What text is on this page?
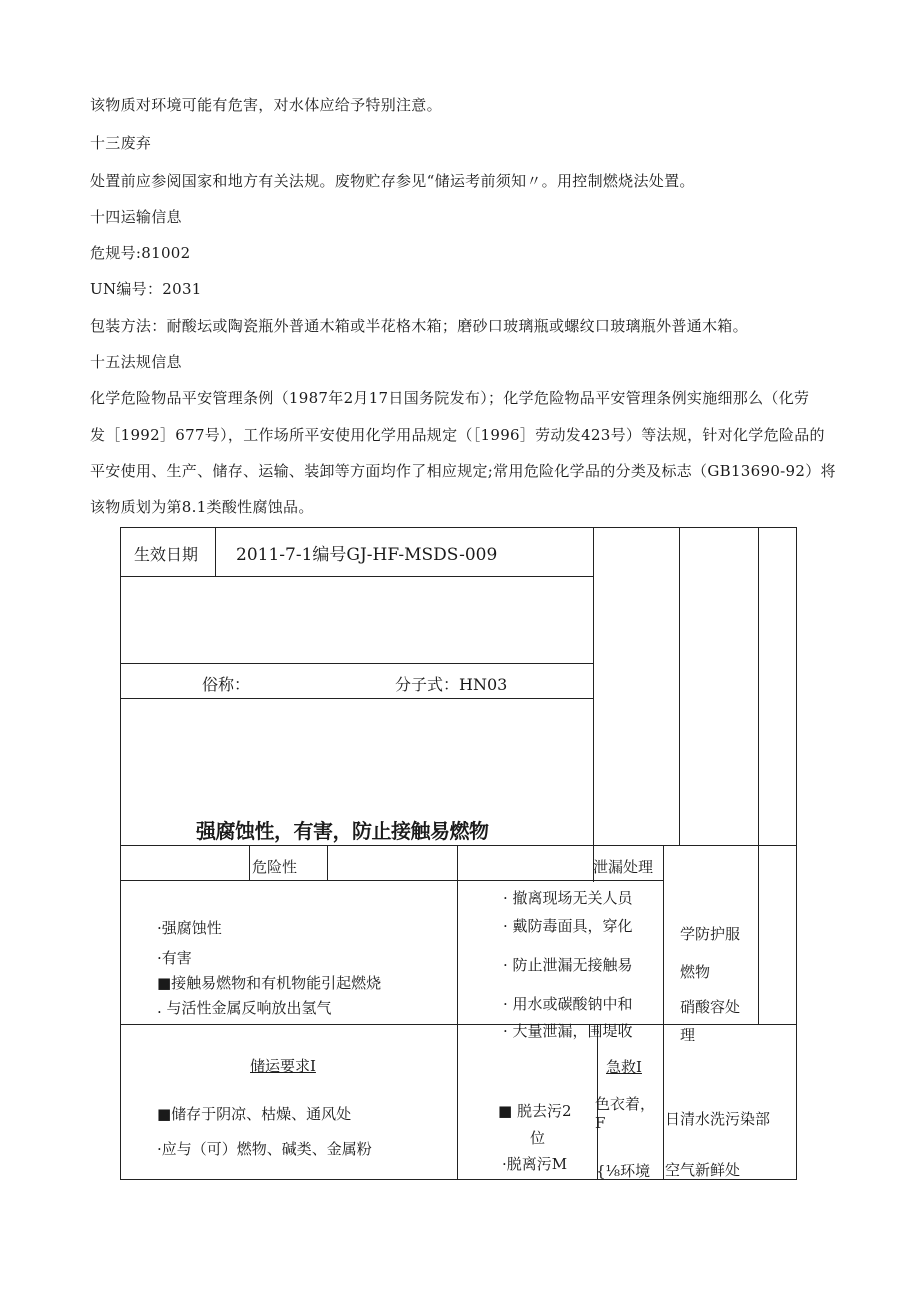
该物质对环境可能有危害，对水体应给予特别注意。
十三废弃
处置前应参阅国家和地方有关法规。废物贮存参见“储运考前须知〃。用控制燃烧法处置。
十四运输信息
危规号:81002
UN编号：2031
包装方法：耐酸坛或陶瓷瓶外普通木箱或半花格木箱；磨砂口玻璃瓶或螺纹口玻璃瓶外普通木箱。
十五法规信息
化学危险物品平安管理条例（1987年2月17日国务院发布）；化学危险物品平安管理条例实施细那么（化劳
发［1992］677号），工作场所平安使用化学用品规定（［1996］劳动发423号）等法规，针对化学危险品的
平安使用、生产、储存、运输、装卸等方面均作了相应规定;常用危险化学品的分类及标志（GB13690-92）将
该物质划为第8.1类酸性腐蚀品。
生效日期 2011-7-1编号GJ-HF-MSDS-009
俗称：	分子式：HN03
强腐蚀性，有害，防止接触易燃物
危险性	泄漏处理
·强腐蚀性
·有害
■接触易燃物和有机物能引起燃烧
. 与活性金属反响放出氢气
· 撤离现场无关人员
· 戴防毒面具，穿化
· 防止泄漏无接触易
· 用水或碳酸钠中和
· 大量泄漏，围堤收
学防护服
燃物
硝酸容处
理
储运要求I
■储存于阴凉、枯燥、通风处
·应与（可）燃物、碱类、金属粉
急救I
■ 脱去污2
位
·脱离污M
色衣着，
F
{⅛环境
日清水洗污染部
空气新鲜处
